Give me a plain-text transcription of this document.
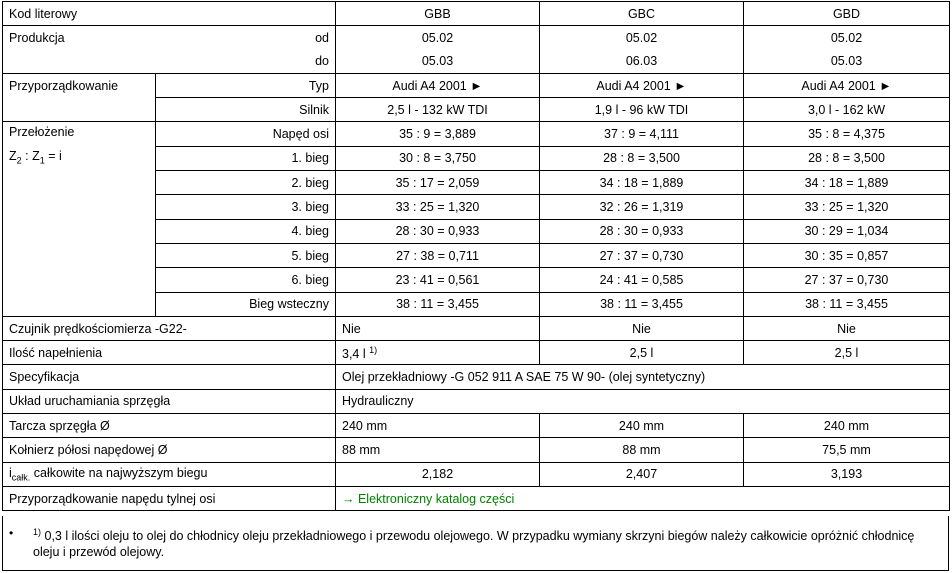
Kod literowy		GBB	GBC	GBD
Produkcja	od	05.02	05.02	05.02
	do	05.03	06.03	05.03
Przyporządkowanie	Typ	Audi A4 2001 ►	Audi A4 2001 ►	Audi A4 2001 ►
	Silnik	2,5 l - 132 kW TDI	1,9 l - 96 kW TDI	3,0 l - 162 kW

Przełożenie
$Z_2$ : $Z_1 = i$	Napęd osi	35 : 9 = 3,889	37 : 9 = 4,111	35 : 8 = 4,375
	1. bieg	30 : 8 = 3,750	28 : 8 = 3,500	28 : 8 = 3,500
	2. bieg	35 : 17 = 2,059	34 : 18 = 1,889	34 : 18 = 1,889
	3. bieg	33 : 25 = 1,320	32 : 26 = 1,319	33 : 25 = 1,320
	4. bieg	28 : 30 = 0,933	28 : 30 = 0,933	30 : 29 = 1,034
	5. bieg	27 : 38 = 0,711	27 : 37 = 0,730	30 : 35 = 0,857
	6. bieg	23 : 41 = 0,561	24 : 41 = 0,585	27 : 37 = 0,730
	Bieg wsteczny	38 : 11 = 3,455	38 : 11 = 3,455	38 : 11 = 3,455
Czujnik prędkościomierza -G22-		Nie	Nie	Nie
Ilość napełnienia		3,4 l $^{1)}$	2,5 l	2,5 l
Specyfikacja		Olej przekładniowy -G 052 911 A SAE 75 W 90- (olej syntetyczny)		
Układ uruchamiania sprzęgła		Hydrauliczny		
Tarcza sprzęgła Ø		240 mm	240 mm	240 mm
Kołnierz półosi napędowej Ø		88 mm	88 mm	75,5 mm
$i_{całk.}$ całkowite na najwyższym biegu		2,182	2,407	3,193
Przyporządkowanie napędu tylnej osi		→ Elektroniczny katalog części		
• $^{1)}$ 0,3 l ilości oleju to olej do chłodnicy oleju przekładniowego i przewodu olejowego. W przypadku wymiany skrzyni biegów należy całkowicie opróżnić chłodnicę oleju i przewód olejowy.
